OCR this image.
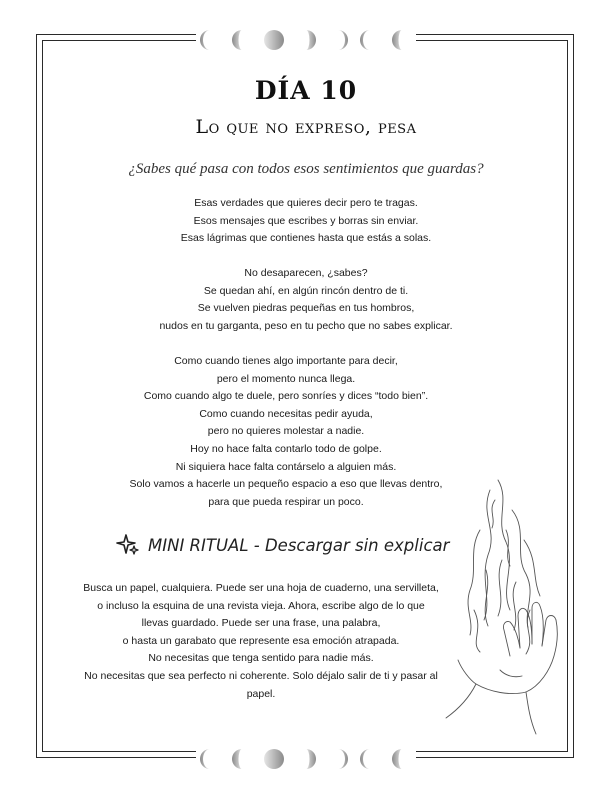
DÍA 10
Lo que no expreso, pesa
¿Sabes qué pasa con todos esos sentimientos que guardas?
Esas verdades que quieres decir pero te tragas.
Esos mensajes que escribes y borras sin enviar.
Esas lágrimas que contienes hasta que estás a solas.
No desaparecen, ¿sabes?
Se quedan ahí, en algún rincón dentro de ti.
Se vuelven piedras pequeñas en tus hombros,
nudos en tu garganta, peso en tu pecho que no sabes explicar.
Como cuando tienes algo importante para decir,
pero el momento nunca llega.
Como cuando algo te duele, pero sonríes y dices “todo bien”.
Como cuando necesitas pedir ayuda,
pero no quieres molestar a nadie.
Hoy no hace falta contarlo todo de golpe.
Ni siquiera hace falta contárselo a alguien más.
Solo vamos a hacerle un pequeño espacio a eso que llevas dentro,
para que pueda respirar un poco.
MINI RITUAL - Descargar sin explicar
Busca un papel, cualquiera. Puede ser una hoja de cuaderno, una servilleta,
o incluso la esquina de una revista vieja. Ahora, escribe algo de lo que
llevas guardado. Puede ser una frase, una palabra,
o hasta un garabato que represente esa emoción atrapada.
No necesitas que tenga sentido para nadie más.
No necesitas que sea perfecto ni coherente. Solo déjalo salir de ti y pasar al
papel.
